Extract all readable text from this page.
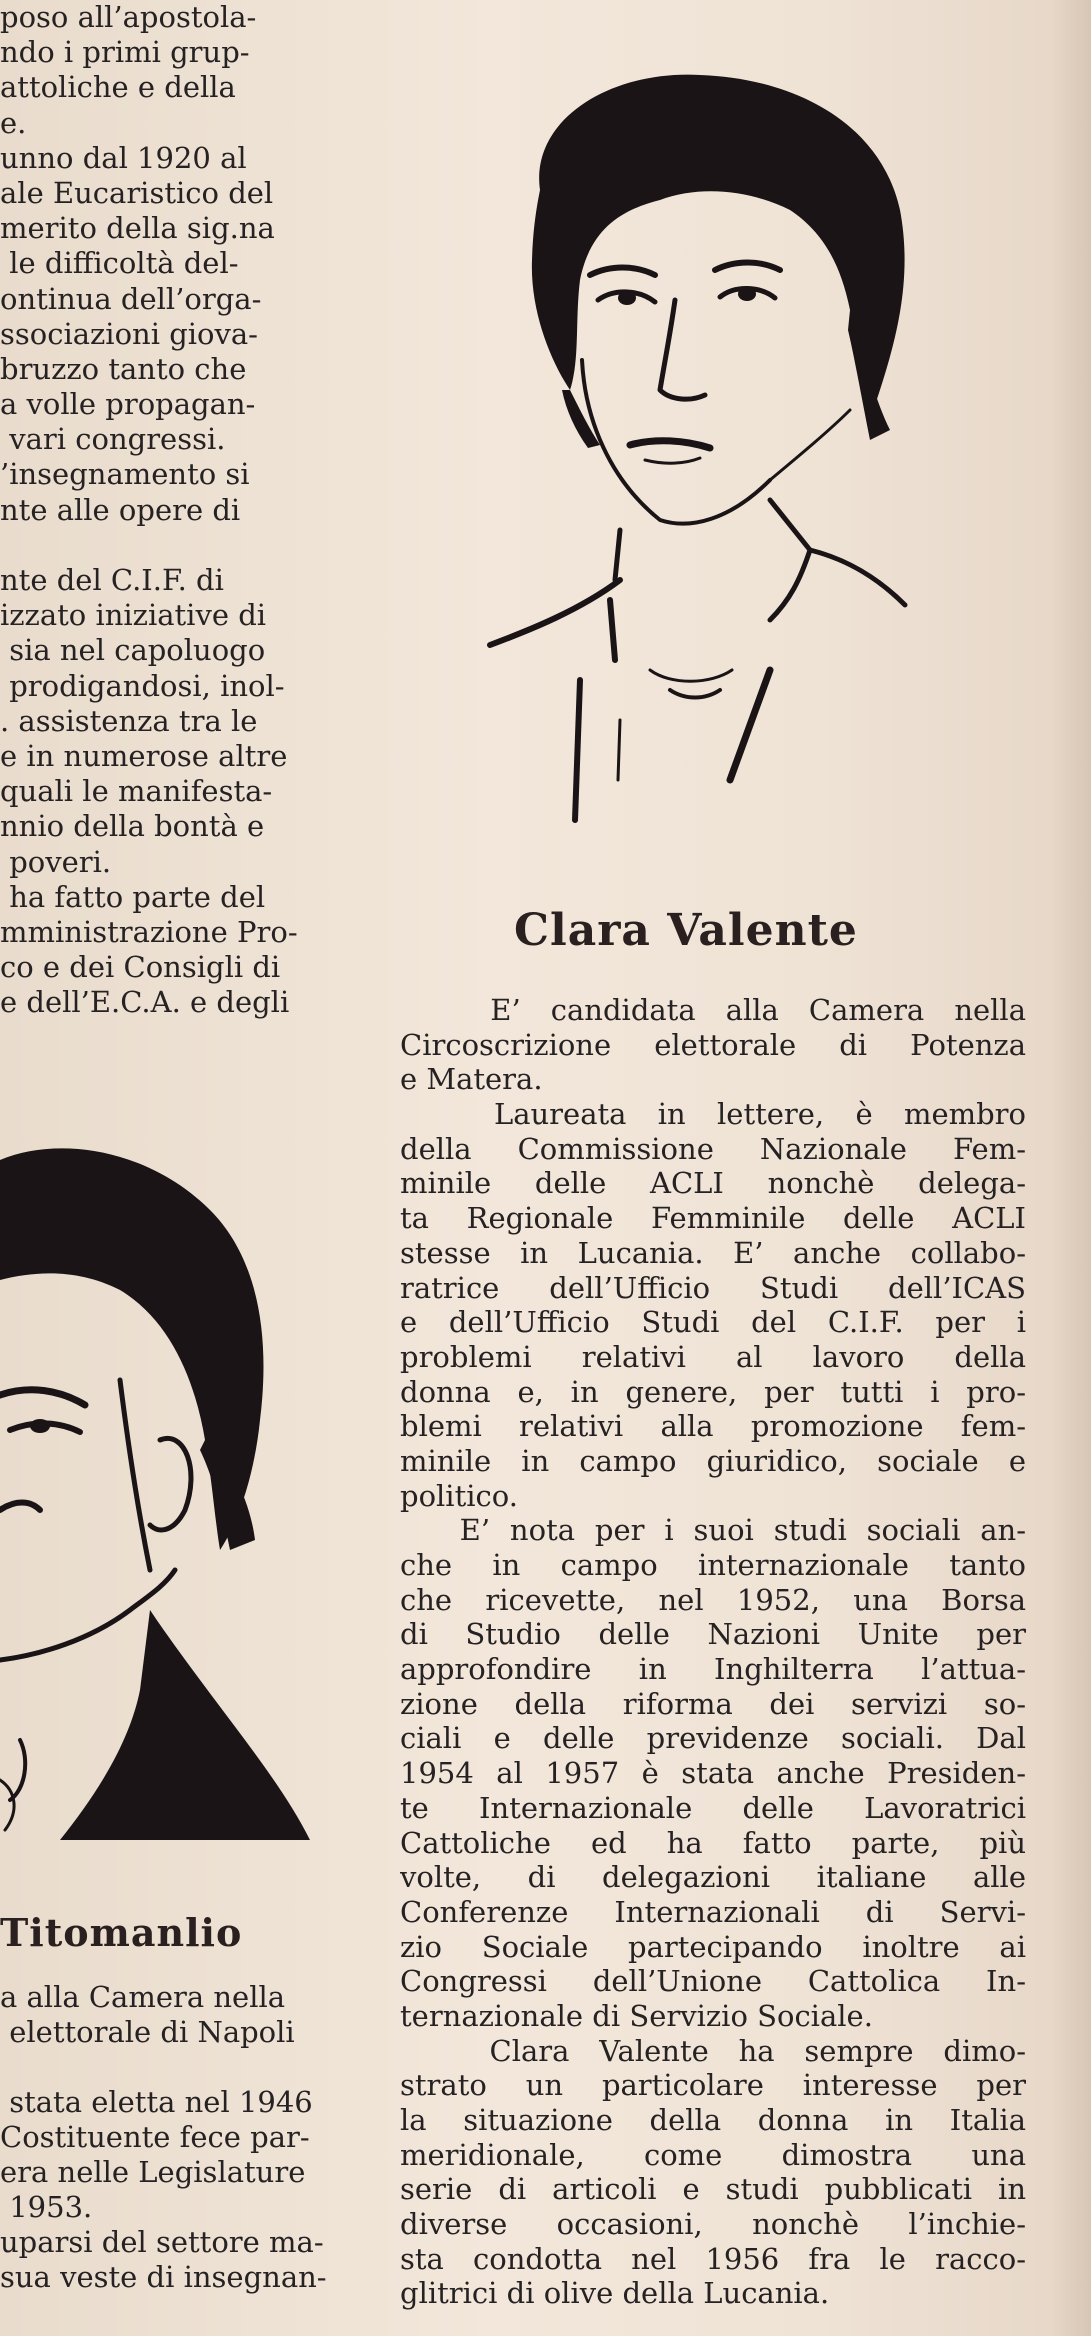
poso all’apostola-
ndo i primi grup-
attoliche e della
e.
unno dal 1920 al
ale Eucaristico del
merito della sig.na
le difficoltà del-
ontinua dell’orga-
ssociazioni giova-
bruzzo tanto che
a volle propagan-
vari congressi.
’insegnamento si
nte alle opere di
nte del C.I.F. di
izzato iniziative di
sia nel capoluogo
prodigandosi, inol-
. assistenza tra le
e in numerose altre
quali le manifesta-
nnio della bontà e
poveri.
ha fatto parte del
mministrazione Pro-
co e dei Consigli di
e dell’E.C.A. e degli
Clara Valente
E’ candidata alla Camera nella
Circoscrizione elettorale di Potenza
e Matera.
Laureata in lettere, è membro
della Commissione Nazionale Fem-
minile delle ACLI nonchè delega-
ta Regionale Femminile delle ACLI
stesse in Lucania. E’ anche collabo-
ratrice dell’Ufficio Studi dell’ICAS
e dell’Ufficio Studi del C.I.F. per i
problemi relativi al lavoro della
donna e, in genere, per tutti i pro-
blemi relativi alla promozione fem-
minile in campo giuridico, sociale e
politico.
E’ nota per i suoi studi sociali an-
che in campo internazionale tanto
che ricevette, nel 1952, una Borsa
di Studio delle Nazioni Unite per
approfondire in Inghilterra l’attua-
zione della riforma dei servizi so-
ciali e delle previdenze sociali. Dal
1954 al 1957 è stata anche Presiden-
te Internazionale delle Lavoratrici
Cattoliche ed ha fatto parte, più
volte, di delegazioni italiane alle
Conferenze Internazionali di Servi-
zio Sociale partecipando inoltre ai
Congressi dell’Unione Cattolica In-
ternazionale di Servizio Sociale.
Clara Valente ha sempre dimo-
strato un particolare interesse per
la situazione della donna in Italia
meridionale, come dimostra una
serie di articoli e studi pubblicati in
diverse occasioni, nonchè l’inchie-
sta condotta nel 1956 fra le racco-
glitrici di olive della Lucania.
Titomanlio
a alla Camera nella
elettorale di Napoli
stata eletta nel 1946
Costituente fece par-
era nelle Legislature
1953.
uparsi del settore ma-
sua veste di insegnan-
